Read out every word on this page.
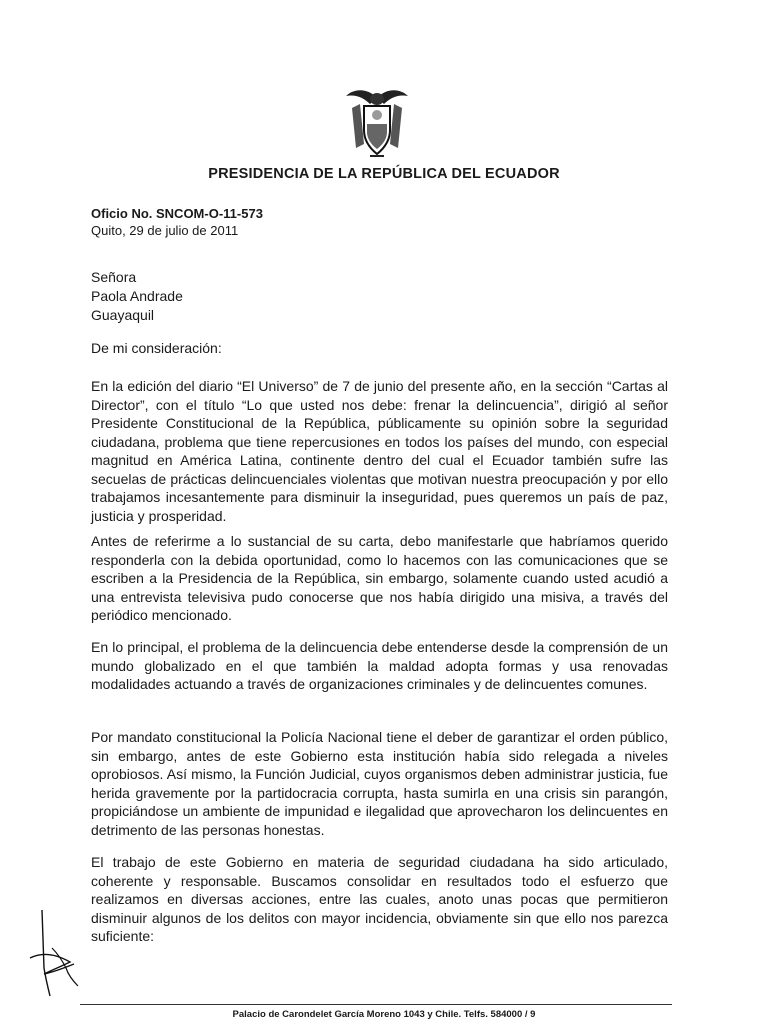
PRESIDENCIA DE LA REPÚBLICA DEL ECUADOR
Oficio No. SNCOM-O-11-573
Quito, 29 de julio de 2011
Señora
Paola Andrade
Guayaquil
De mi consideración:

En la edición del diario “El Universo” de 7 de junio del presente año, en la sección “Cartas al Director”, con el título “Lo que usted nos debe: frenar la delincuencia”, dirigió al señor Presidente Constitucional de la República, públicamente su opinión sobre la seguridad ciudadana, problema que tiene repercusiones en todos los países del mundo, con especial magnitud en América Latina, continente dentro del cual el Ecuador también sufre las secuelas de prácticas delincuenciales violentas que motivan nuestra preocupación y por ello trabajamos incesantemente para disminuir la inseguridad, pues queremos un país de paz, justicia y prosperidad.

Antes de referirme a lo sustancial de su carta, debo manifestarle que habríamos querido responderla con la debida oportunidad, como lo hacemos con las comunicaciones que se escriben a la Presidencia de la República, sin embargo, solamente cuando usted acudió a una entrevista televisiva pudo conocerse que nos había dirigido una misiva, a través del periódico mencionado.

En lo principal, el problema de la delincuencia debe entenderse desde la comprensión de un mundo globalizado en el que también la maldad adopta formas y usa renovadas modalidades actuando a través de organizaciones criminales y de delincuentes comunes.

Por mandato constitucional la Policía Nacional tiene el deber de garantizar el orden público, sin embargo, antes de este Gobierno esta institución había sido relegada a niveles oprobiosos. Así mismo, la Función Judicial, cuyos organismos deben administrar justicia, fue herida gravemente por la partidocracia corrupta, hasta sumirla en una crisis sin parangón, propiciándose un ambiente de impunidad e ilegalidad que aprovecharon los delincuentes en detrimento de las personas honestas.

El trabajo de este Gobierno en materia de seguridad ciudadana ha sido articulado, coherente y responsable. Buscamos consolidar en resultados todo el esfuerzo que realizamos en diversas acciones, entre las cuales, anoto unas pocas que permitieron disminuir algunos de los delitos con mayor incidencia, obviamente sin que ello nos parezca suficiente:

Palacio de Carondelet García Moreno 1043 y Chile. Telfs. 584000 / 9
